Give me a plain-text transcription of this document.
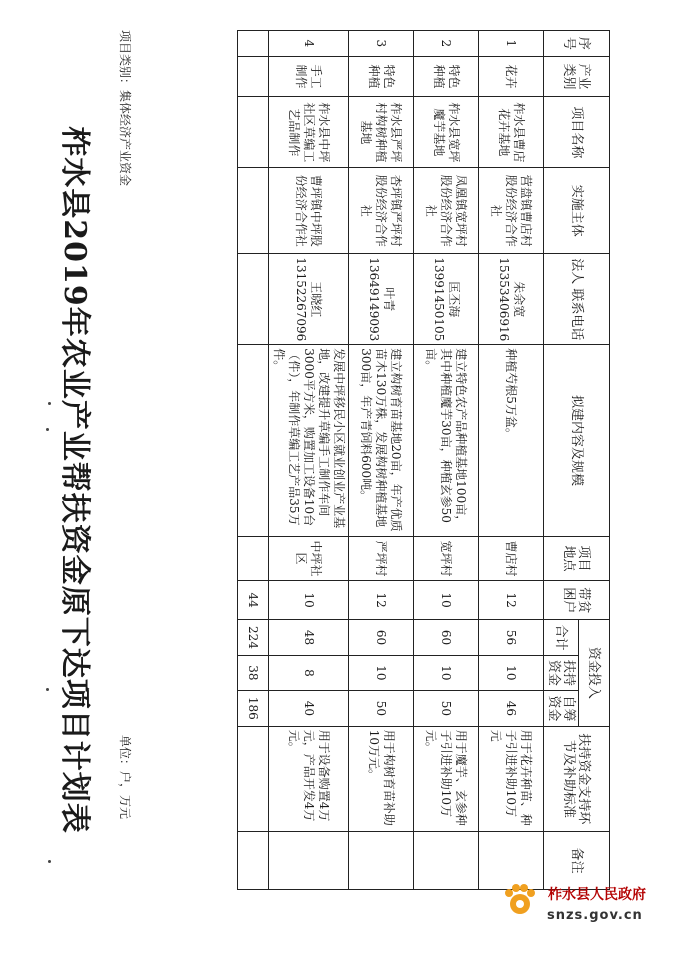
柞水县2019年农业产业帮扶资金原下达项目计划表
项目类别：集体经济产业资金
单位：户，万元
序号	产业类别	项目名称	实施主体	法人 联系电话	拟建内容及规模	项目地点	带贫困户	资金投入			扶持资金支持环节及补助标准	备注
								合计	扶持资金	自筹资金		
1	花卉	柞水县曹店花卉基地	营盘镇曹店村股份经济合作社	朱余宽 15353406916	种植芍根5万盆。	曹店村	12	56	10	46	用于花卉种苗、种子引进补助10万元	
2	特色种植	柞水县宽坪魔芋基地	凤凰镇宽坪村股份经济合作社	匡丕海 13991450105	建立特色农产品种植基地100亩，其中种植魔芋30亩，种植玄参50亩。	宽坪村	10	60	10	50	用于魔芋、玄参种子引进补助10万元。	
3	特色种植	柞水县严坪村构树种植基地	杏坪镇严坪村股份经济合作社	叶青 13649149093	建立构树育苗基地20亩，年产优质苗木130万株，发展构树种植基地300亩，年产青饲料600吨。	严坪村	12	60	10	50	用于构树育苗补助10万元。	
4	手工制作	柞水县中坪社区草编工艺品制作	曹坪镇中坪股份经济合作社	王晓红 13152267096	发展中坪移民小区就业创业产业基地，改建提升草编手工制作车间3000平方米，购置加工设备10台（件），年制作草编工艺产品35万件。	中坪社区	10	48	8	40	用于设备购置4万元，产品开发4万元。	
							44	224	38	186		
柞水县人民政府
snzs.gov.cn
